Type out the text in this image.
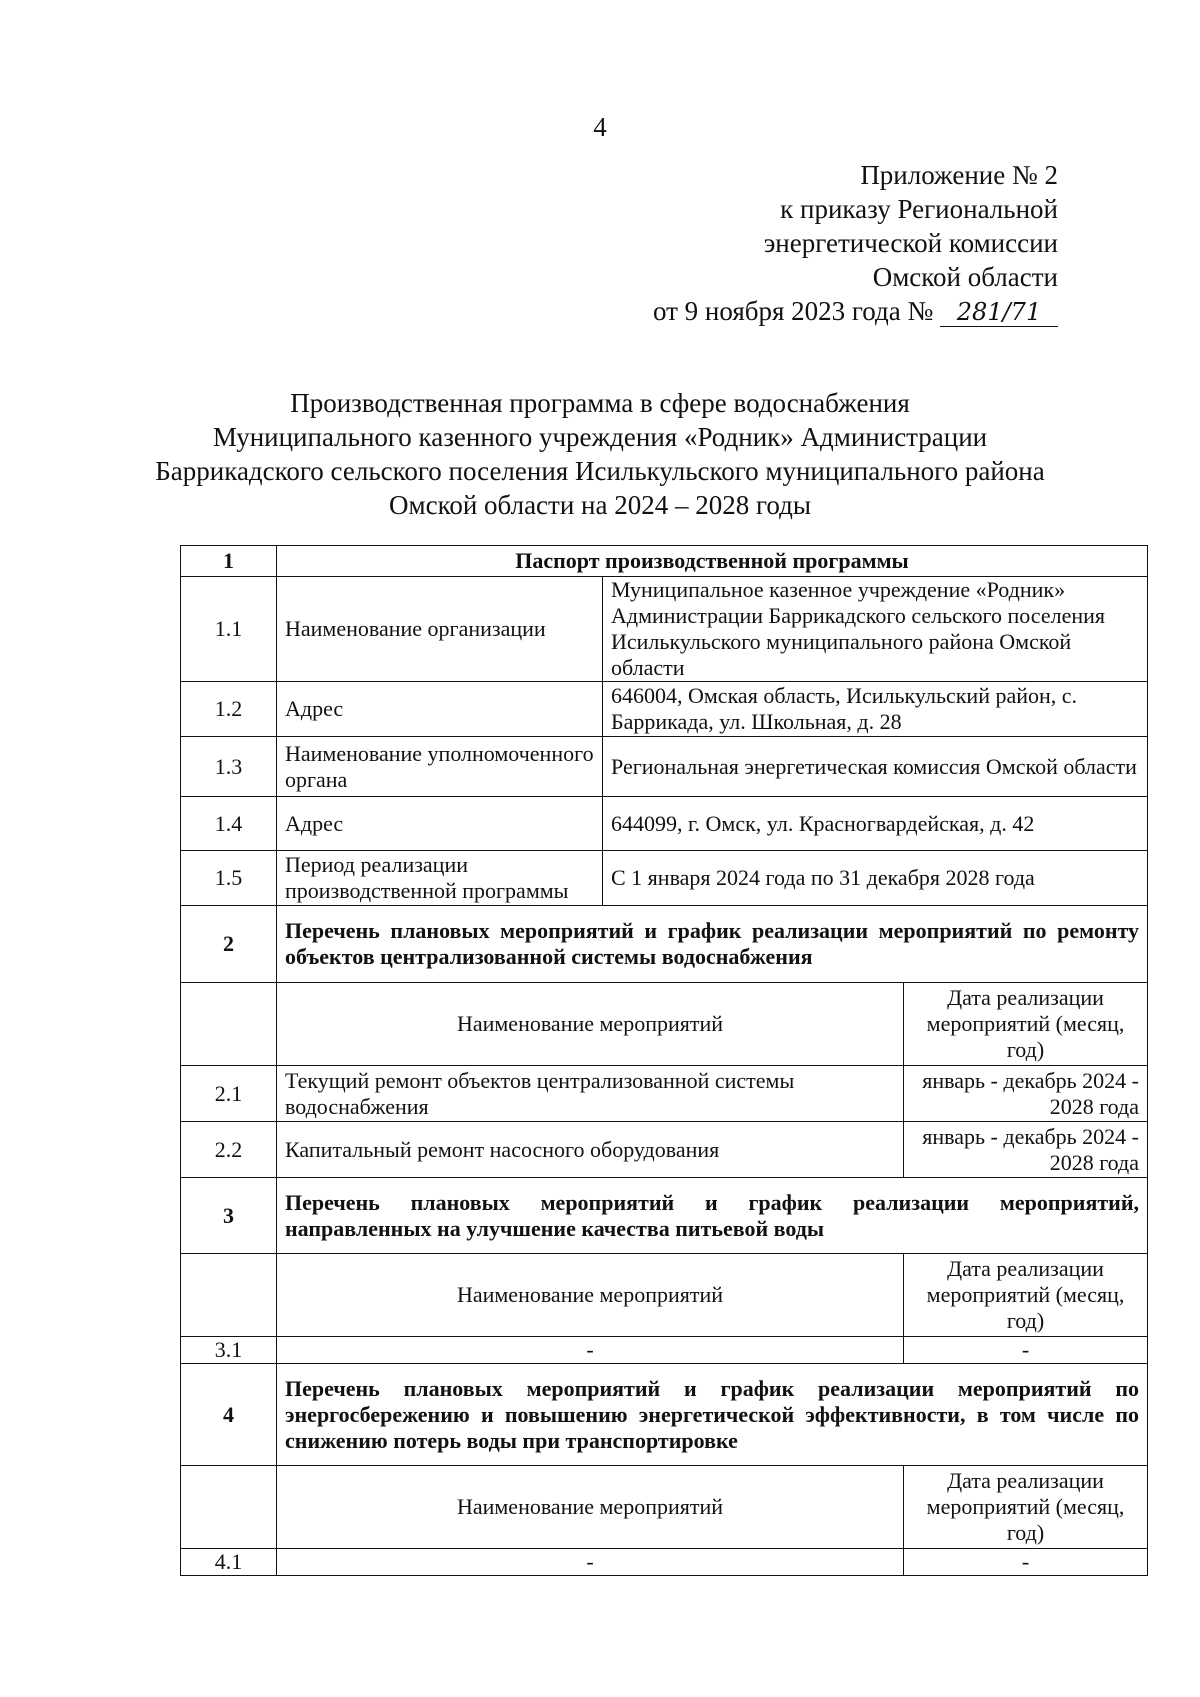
4
Приложение № 2
к приказу Региональной
энергетической комиссии
Омской области
от 9 ноября 2023 года № 281/71
Производственная программа в сфере водоснабжения
Муниципального казенного учреждения «Родник» Администрации
Баррикадского сельского поселения Исилькульского муниципального района
Омской области на 2024 – 2028 годы
1	Паспорт производственной программы		
1.1	Наименование организации	Муниципальное казенное учреждение «Родник» Администрации Баррикадского сельского поселения Исилькульского муниципального района Омской области	
1.2	Адрес	646004, Омская область, Исилькульский район, с. Баррикада, ул. Школьная, д. 28	
1.3	Наименование уполномоченного органа	Региональная энергетическая комиссия Омской области	
1.4	Адрес	644099, г. Омск, ул. Красногвардейская, д. 42	
1.5	Период реализации производственной программы	С 1 января 2024 года по 31 декабря 2028 года	
2	Перечень плановых мероприятий и график реализации мероприятий по ремонту объектов централизованной системы водоснабжения		
	Наименование мероприятий		Дата реализации мероприятий (месяц, год)
2.1	Текущий ремонт объектов централизованной системы водоснабжения		январь - декабрь 2024 - 2028 года
2.2	Капитальный ремонт насосного оборудования		январь - декабрь 2024 - 2028 года
3	Перечень плановых мероприятий и график реализации мероприятий, направленных на улучшение качества питьевой воды		
	Наименование мероприятий		Дата реализации мероприятий (месяц, год)
3.1	-		-
4	Перечень плановых мероприятий и график реализации мероприятий по энергосбережению и повышению энергетической эффективности, в том числе по снижению потерь воды при транспортировке		
	Наименование мероприятий		Дата реализации мероприятий (месяц, год)
4.1	-		-
